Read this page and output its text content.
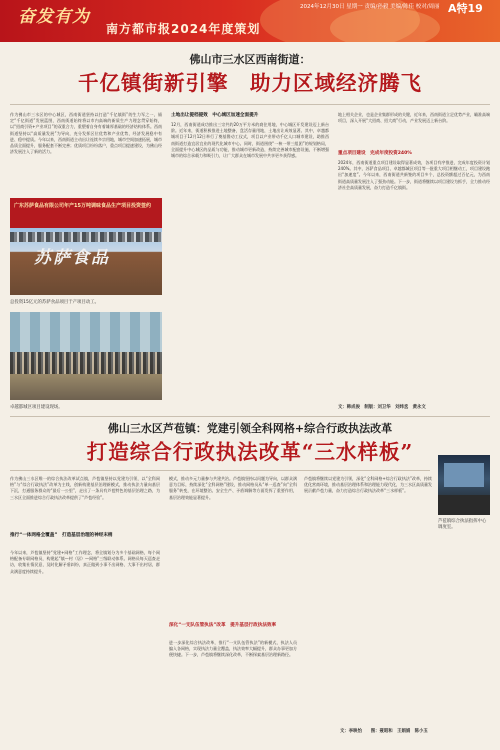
奋发有为
南方都市报2024年度策划
2024年12月30日 星期一 责编/孙毅 美编/陈佳 校对/周丽 A特19
佛山市三水区西南街道：
千亿镇街新引擎　助力区域经济腾飞
作为佛山市三水区的中心城区，西南街道坚持以打造“千亿镇街”的生力军之一，锚定“千亿街道”发展蓝图，西南街道始终将以市内高端的新质生产力理念贯穿始终，以“招商引资+产业项目”的双重合力，重塑着自身有着雄厚基础的经济结构体系。西南街道坚持以“高质量发展”为导向，充分发挥区位优势和产业优势，经济发展稳中有进、稳中提质。今年以来，西南街道主动出让连续多宗用地，城市空间加速拓展，城市品质全面提升，服务配套不断完善；优质项目纷纷落户，重点项目提速建设，为佛山经济发展注入了新的活力。
广东苏萨食品有限公司年产15万吨调味食品生产项目投资签约
苏萨食品
总投资15亿元的苏萨食品项目于产项目动工。
卓越都城区项目建设现场。
土地出让提档提效　中心城区加速全面提升
12月，西南街道成功推出三宗共约20万平方米的商住用地，中心城区开发建设迈上新台阶。近年来，街道积极推进土地整备，盘活存量用地，土地出让成效显著。其中，卓越都城项目于12月12日举行了奠基暨动工仪式，项目以产业带动千亿人口城市建设，助推西南街道打造宜居宜业的现代化城市中心。同时，街道围绕“一核一带三组团”的规划格局，全面提升中心城区的品质与功能，推动城市更新改造，持续完善城市配套设施，不断增强城市的综合承载力和吸引力，让广大群众在城市发展中共享更多获得感。
地上相关企业，也是企业集群形成的关键，近年来，西南街道立足优势产业，瞄准高端项目，深入开展“大招商、招大商”行动，产业发展迈上新台阶。
重点项目建设　完成年度投资240%
2024年，西南街道重点项目建设取得显著成效，各项目有序推进，完成年度投资计划240%。其中，苏萨食品项目、卓越都城区项目等一批重大项目相继动工，项目建设跑出“加速度”。今年以来，西南街道共新签约项目多个，总投资额超过百亿元，为西南街道高质量发展注入了强劲动能。下一步，街道将继续以项目建设为抓手，全力推动经济社会高质量发展，奋力打造千亿镇街。
文：韩成俊　制版：刘卫华　刘炜丞　黄永文
佛山三水区芦苞镇：党建引领全科网格+综合行政执法改革
打造综合行政执法改革“三水样板”
作为佛山三水区唯一的综合执法改革试点镇，芦苞镇坚持以党建为引领，以“全科网格”与“综合行政执法”改革为主线，创新构建基层治理新模式，推动执法力量向基层下沉，打通服务群众的“最后一公里”，走出了一条具有芦苞特色的基层治理之路，为三水区全面推进综合行政执法改革提供了“芦苞经验”。
推行“一体网格全覆盖”　打造基层治理的神经末梢
今年以来，芦苞镇坚持“党建+网格”工作理念，将全镇划分为多个基础网格，每个网格配备专职网格员，构建起“镇—村（居）—网格”三级联动体系。网格员每天巡查走访，收集社情民意，及时化解矛盾纠纷，真正做到小事不出网格、大事不出村居，群众满意度持续提升。
模式，推动多元力量参与共建共治。芦苞镇坚持以问题为导向，以群众满意为目标，持续深化“全科网格”建设，推动网格员从“单一巡查”向“全科服务”转变，在环境整治、安全生产、矛盾调解等方面发挥了重要作用，基层治理效能显著提升。
深化“一支队伍管执法”改革　提升基层行政执法效率
进一步深化综合执法改革，推行“一支队伍管执法”的新模式，执法人员编入各网格，实现执法力量全覆盖，执法效率大幅提升，群众办事更加方便快捷。下一步，芦苞镇将继续深化改革，不断探索基层治理新路径。
芦苞镇将继续以党建为引领，深化“全科网格+综合行政执法”改革，持续优化营商环境，推动基层治理体系和治理能力现代化，为三水区高质量发展贡献芦苞力量，奋力打造综合行政执法改革“三水样板”。
芦苞镇综合执法指挥中心调度室。
文：李映怡　　图：聂昭和　王娟娟　陈小玉
